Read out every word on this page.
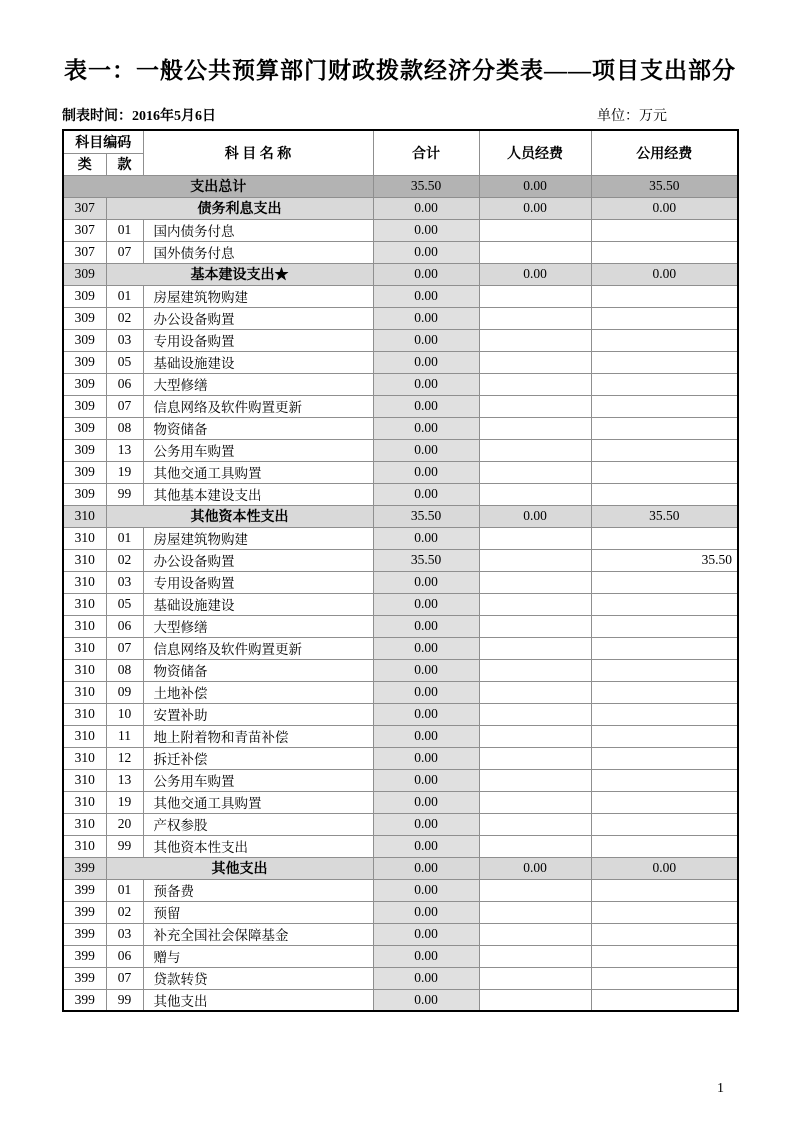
表一：一般公共预算部门财政拨款经济分类表——项目支出部分
制表时间：2016年5月6日	单位：万元
科目编码		科 目 名 称	合计	人员经费	公用经费
类	款				
支出总计			35.50	0.00	35.50
307	债务利息支出		0.00	0.00	0.00
307	01	国内债务付息	0.00		
307	07	国外债务付息	0.00		
309	基本建设支出★		0.00	0.00	0.00
309	01	房屋建筑物购建	0.00		
309	02	办公设备购置	0.00		
309	03	专用设备购置	0.00		
309	05	基础设施建设	0.00		
309	06	大型修缮	0.00		
309	07	信息网络及软件购置更新	0.00		
309	08	物资储备	0.00		
309	13	公务用车购置	0.00		
309	19	其他交通工具购置	0.00		
309	99	其他基本建设支出	0.00		
310	其他资本性支出		35.50	0.00	35.50
310	01	房屋建筑物购建	0.00		
310	02	办公设备购置	35.50		35.50
310	03	专用设备购置	0.00		
310	05	基础设施建设	0.00		
310	06	大型修缮	0.00		
310	07	信息网络及软件购置更新	0.00		
310	08	物资储备	0.00		
310	09	土地补偿	0.00		
310	10	安置补助	0.00		
310	11	地上附着物和青苗补偿	0.00		
310	12	拆迁补偿	0.00		
310	13	公务用车购置	0.00		
310	19	其他交通工具购置	0.00		
310	20	产权参股	0.00		
310	99	其他资本性支出	0.00		
399	其他支出		0.00	0.00	0.00
399	01	预备费	0.00		
399	02	预留	0.00		
399	03	补充全国社会保障基金	0.00		
399	06	赠与	0.00		
399	07	贷款转贷	0.00		
399	99	其他支出	0.00		
1
